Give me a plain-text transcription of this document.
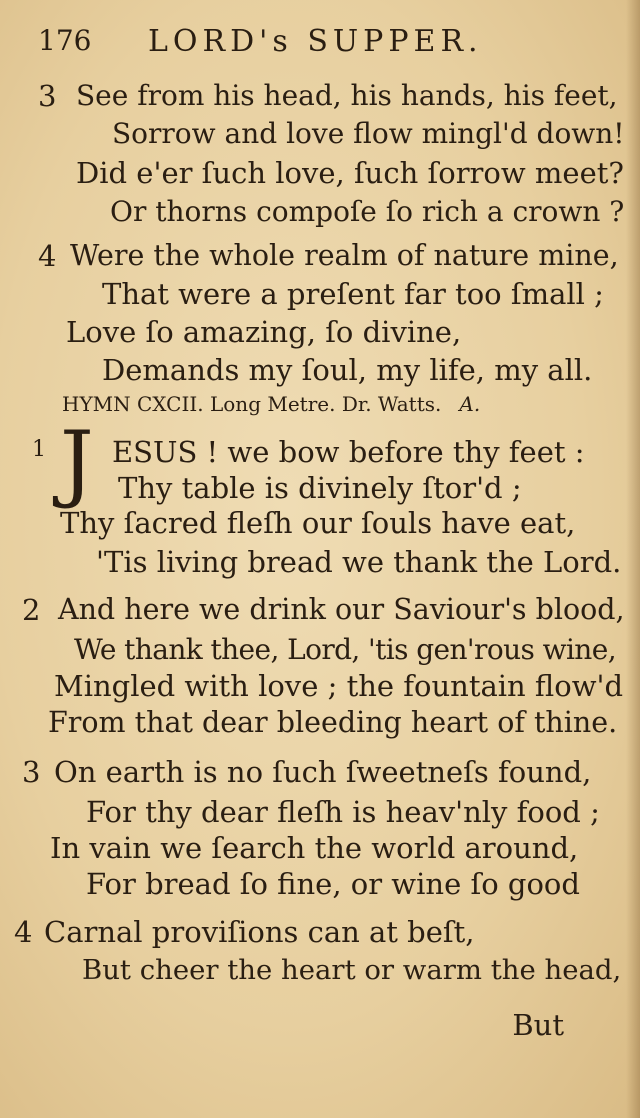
176 LORD's SUPPER.
3 See from his head, his hands, his feet,
Sorrow and love flow mingl'd down!
Did e'er ſuch love, ſuch ſorrow meet?
Or thorns compoſe ſo rich a crown ?
4 Were the whole realm of nature mine,
That were a preſent far too ſmall ;
Love ſo amazing, ſo divine,
Demands my ſoul, my life, my all.
HYMN CXCII. Long Metre. Dr. Watts. A.
1 J ESUS ! we bow before thy feet :
Thy table is divinely ſtor'd ;
Thy ſacred fleſh our ſouls have eat,
'Tis living bread we thank the Lord.
2 And here we drink our Saviour's blood,
We thank thee, Lord, 'tis gen'rous wine,
Mingled with love ; the fountain flow'd
From that dear bleeding heart of thine.
3 On earth is no ſuch ſweetneſs found,
For thy dear fleſh is heav'nly food ;
In vain we ſearch the world around,
For bread ſo fine, or wine ſo good
4 Carnal proviſions can at beſt,
But cheer the heart or warm the head,
But
